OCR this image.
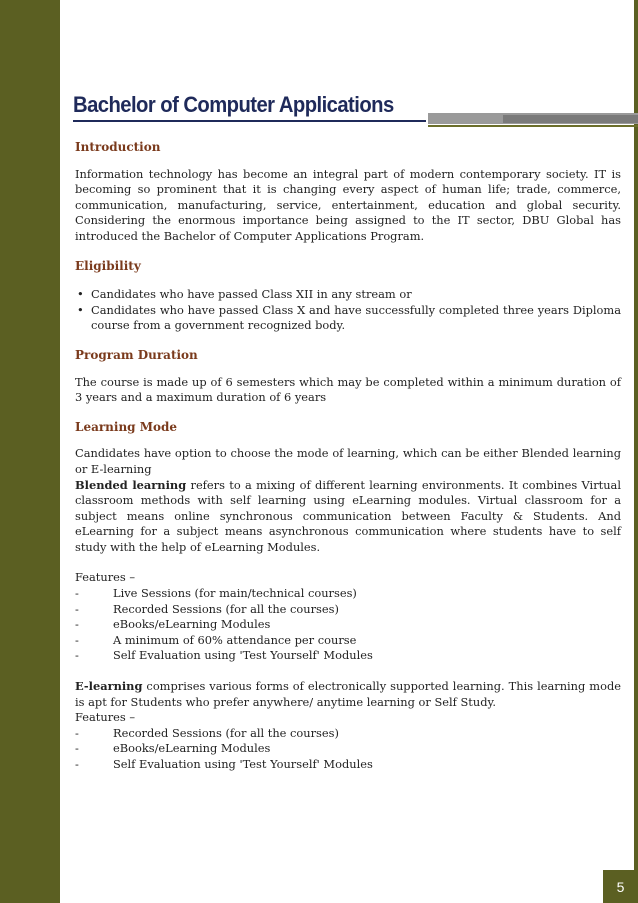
Bachelor of Computer Applications
Introduction

Information technology has become an integral part of modern contemporary society. IT is becoming so prominent that it is changing every aspect of human life; trade, commerce, communication, manufacturing, service, entertainment, education and global security. Considering the enormous importance being assigned to the IT sector, DBU Global has introduced the Bachelor of Computer Applications Program.

Eligibility
• Candidates who have passed Class XII in any stream or
• Candidates who have passed Class X and have successfully completed three years Diploma course from a government recognized body.
Program Duration

The course is made up of 6 semesters which may be completed within a minimum duration of 3 years and a maximum duration of 6 years

Learning Mode

Candidates have option to choose the mode of learning, which can be either Blended learning or E-learning

Blended learning refers to a mixing of different learning environments. It combines Virtual classroom methods with self learning using eLearning modules. Virtual classroom for a subject means online synchronous communication between Faculty & Students. And eLearning for a subject means asynchronous communication where students have to self study with the help of eLearning Modules.

Features –
-	Live Sessions (for main/technical courses)
-	Recorded Sessions (for all the courses)
-	eBooks/eLearning Modules
-	A minimum of 60% attendance per course
-	Self Evaluation using 'Test Yourself' Modules

E-learning comprises various forms of electronically supported learning. This learning mode is apt for Students who prefer anywhere/ anytime learning or Self Study.

Features –
-	Recorded Sessions (for all the courses)
-	eBooks/eLearning Modules
-	Self Evaluation using 'Test Yourself' Modules
5
